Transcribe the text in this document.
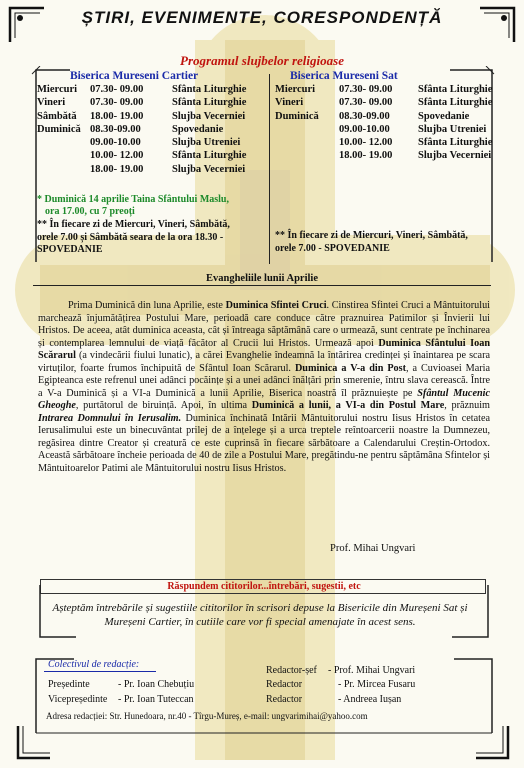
ȘTIRI, EVENIMENTE, CORESPONDENȚĂ
Programul slujbelor religioase
Biserica Mureseni Cartier
Miercuri 07.30- 09.00	Sfânta Liturghie
Vineri 07.30- 09.00	Sfânta Liturghie
Sâmbătă 18.00- 19.00	Slujba Vecerniei
Duminică 08.30-09.00	Spovedanie
09.00-10.00	Slujba Utreniei
10.00- 12.00	Sfânta Liturghie
18.00- 19.00	Slujba Vecerniei
* Duminică 14 aprilie Taina Sfântului Maslu,
ora 17.00, cu 7 preoți
** În fiecare zi de Miercuri, Vineri, Sâmbătă,
orele 7.00 și Sâmbătă seara de la ora 18.30 -
SPOVEDANIE
Biserica Mureseni Sat
Miercuri 07.30- 09.00 Sfânta Liturghie
Vineri	07.30- 09.00 Sfânta Liturghie
Duminică 08.30-09.00	Spovedanie
09.00-10.00	Slujba Utreniei
10.00- 12.00 Sfânta Liturghie
18.00- 19.00 Slujba Vecerniei
** În fiecare zi de Miercuri, Vineri, Sâmbătă,
orele 7.00 - SPOVEDANIE
Evangheliile lunii Aprilie

Prima Duminică din luna Aprilie, este Duminica Sfintei Cruci. Cinstirea Sfintei Cruci a Mântuitorului marchează înjumătățirea Postului Mare, perioadă care conduce către praznuirea Patimilor și Învierii lui Hristos. De aceea, atât duminica aceasta, cât și întreaga săptămână care o urmează, sunt centrate pe închinarea și contemplarea lemnului de viață făcător al Crucii lui Hristos. Urmează apoi Duminica Sfântului Ioan Scărarul (a vindecării fiului lunatic), a cărei Evanghelie îndeamnă la întărirea credinței și înaintarea pe scara virtuților, foarte frumos închipuită de Sfântul Ioan Scărarul. Duminica a V-a din Post, a Cuvioasei Maria Egipteanca este refrenul unei adânci pocăințe și a unei adânci înălțări prin smerenie, întru slava cerească. Între a V-a Duminică și a VI-a Duminică a lunii Aprilie, Biserica noastră îl prăznuiește pe Sfântul Mucenic Gheoghe, purtătorul de biruință. Apoi, în ultima Duminică a lunii, a VI-a din Postul Mare, prăznuim Intrarea Domnului în Ierusalim. Duminica închinată Intării Mântuitorului nostru Iisus Hristos în cetatea Ierusalimului este un binecuvântat prilej de a înțelege și a urca treptele reîntoarcerii noastre la Dumnezeu, regăsirea dintre Creator și creatură ce este cuprinsă în fiecare sărbătoare a Calendarului Creștin-Ortodox. Această sărbătoare încheie perioada de 40 de zile a Postului Mare, pregătindu-ne pentru săptămâna Sfintelor și Mântuitoarelor Patimi ale Mântuitorului nostru Iisus Hristos.

Prof. Mihai Ungvari
Răspundem cititorilor...întrebări, sugestii, etc
Așteptăm întrebările și sugestiile cititorilor în scrisori depuse la Bisericile din Mureșeni Sat și Mureșeni Cartier, în cutiile care vor fi special amenajate în acest sens.
Colectivul de redacție:
Președinte	- Pr. Ioan Chebuțiu
Vicepreședinte - Pr. Ioan Tuteccan
Redactor-șef - Prof. Mihai Ungvari
Redactor	- Pr. Mircea Fusaru
Redactor	- Andreea Iușan
Adresa redacției: Str. Hunedoara, nr.40 - Tîrgu-Mureș, e-mail: ungvarimihai@yahoo.com
